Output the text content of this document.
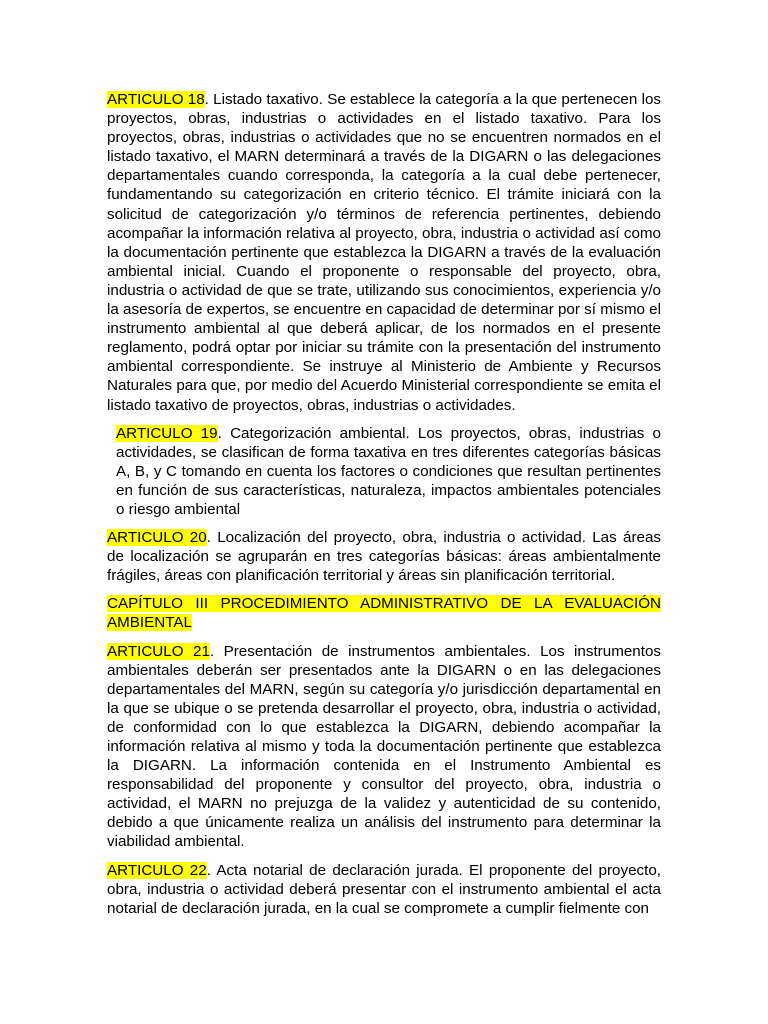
ARTICULO 18. Listado taxativo. Se establece la categoría a la que pertenecen los proyectos, obras, industrias o actividades en el listado taxativo. Para los proyectos, obras, industrias o actividades que no se encuentren normados en el listado taxativo, el MARN determinará a través de la DIGARN o las delegaciones departamentales cuando corresponda, la categoría a la cual debe pertenecer, fundamentando su categorización en criterio técnico. El trámite iniciará con la solicitud de categorización y/o términos de referencia pertinentes, debiendo acompañar la información relativa al proyecto, obra, industria o actividad así como la documentación pertinente que establezca la DIGARN a través de la evaluación ambiental inicial. Cuando el proponente o responsable del proyecto, obra, industria o actividad de que se trate, utilizando sus conocimientos, experiencia y/o la asesoría de expertos, se encuentre en capacidad de determinar por sí mismo el instrumento ambiental al que deberá aplicar, de los normados en el presente reglamento, podrá optar por iniciar su trámite con la presentación del instrumento ambiental correspondiente. Se instruye al Ministerio de Ambiente y Recursos Naturales para que, por medio del Acuerdo Ministerial correspondiente se emita el listado taxativo de proyectos, obras, industrias o actividades.

ARTICULO 19. Categorización ambiental. Los proyectos, obras, industrias o actividades, se clasifican de forma taxativa en tres diferentes categorías básicas A, B, y C tomando en cuenta los factores o condiciones que resultan pertinentes en función de sus características, naturaleza, impactos ambientales potenciales o riesgo ambiental

ARTICULO 20. Localización del proyecto, obra, industria o actividad. Las áreas de localización se agruparán en tres categorías básicas: áreas ambientalmente frágiles, áreas con planificación territorial y áreas sin planificación territorial.

CAPÍTULO III PROCEDIMIENTO ADMINISTRATIVO DE LA EVALUACIÓN AMBIENTAL

ARTICULO 21. Presentación de instrumentos ambientales. Los instrumentos ambientales deberán ser presentados ante la DIGARN o en las delegaciones departamentales del MARN, según su categoría y/o jurisdicción departamental en la que se ubique o se pretenda desarrollar el proyecto, obra, industria o actividad, de conformidad con lo que establezca la DIGARN, debiendo acompañar la información relativa al mismo y toda la documentación pertinente que establezca la DIGARN. La información contenida en el Instrumento Ambiental es responsabilidad del proponente y consultor del proyecto, obra, industria o actividad, el MARN no prejuzga de la validez y autenticidad de su contenido, debido a que únicamente realiza un análisis del instrumento para determinar la viabilidad ambiental.

ARTICULO 22. Acta notarial de declaración jurada. El proponente del proyecto, obra, industria o actividad deberá presentar con el instrumento ambiental el acta notarial de declaración jurada, en la cual se compromete a cumplir fielmente con
